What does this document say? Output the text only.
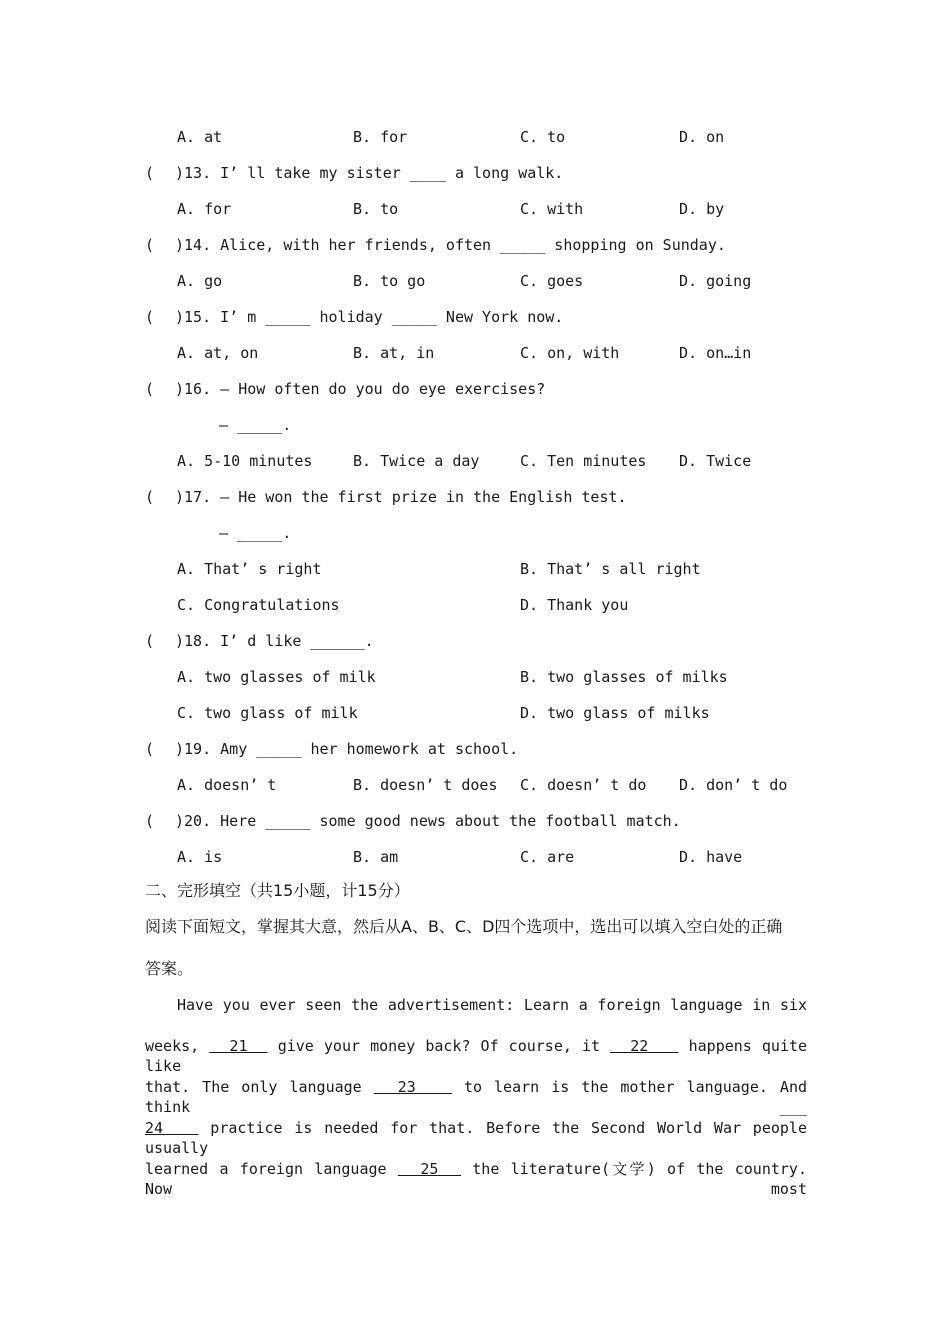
A. at	B. for	C. to	D. on
( )13. I’ ll take my sister ____ a long walk.
A. for	B. to	C. with	D. by
( )14. Alice, with her friends, often _____ shopping on Sunday.
A. go	B. to go	C. goes	D. going
( )15. I’ m _____ holiday _____ New York now.
A. at, on	B. at, in	C. on, with	D. on…in
( )16. — How often do you do eye exercises?
— _____.
A. 5-10 minutes	B. Twice a day	C. Ten minutes D. Twice
( )17. — He won the first prize in the English test.
— _____.
A. That’ s right	B. That’ s all right
C. Congratulations	D. Thank you
( )18. I’ d like ______.
A. two glasses of milk	B. two glasses of milks
C. two glass of milk	D. two glass of milks
( )19. Amy _____ her homework at school.
A. doesn’ t	B. doesn’ t does C. doesn’ t do D. don’ t do
( )20. Here _____ some good news about the football match.
A. is	B. am	C. are	D. have
二、完形填空（共15小题，计15分）
阅读下面短文，掌握其大意，然后从A、B、C、D四个选项中，选出可以填入空白处的正确
答案。
Have you ever seen the advertisement: Learn a foreign language in six
weeks,   21   give your money back? Of course, it   22    happens quite like
that. The only language   23    to learn is the mother language. And think	___
24    practice is needed for that. Before the Second World War people usually
learned a foreign language   25   the literature(文学) of the country. Now most
